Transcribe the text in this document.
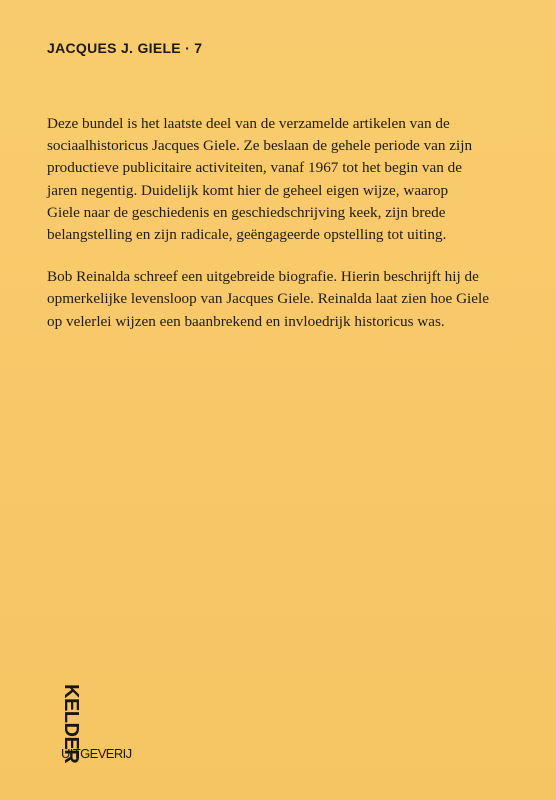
JACQUES J. GIELE · 7

Deze bundel is het laatste deel van de verzamelde artikelen van de
sociaalhistoricus Jacques Giele. Ze beslaan de gehele periode van zijn
productieve publicitaire activiteiten, vanaf 1967 tot het begin van de
jaren negentig. Duidelijk komt hier de geheel eigen wijze, waarop
Giele naar de geschiedenis en geschiedschrijving keek, zijn brede
belangstelling en zijn radicale, geëngageerde opstelling tot uiting.

Bob Reinalda schreef een uitgebreide biografie. Hierin beschrijft hij de
opmerkelijke levensloop van Jacques Giele. Reinalda laat zien hoe Giele
op velerlei wijzen een baanbrekend en invloedrijk historicus was.

KELDER
UITGEVERIJ
